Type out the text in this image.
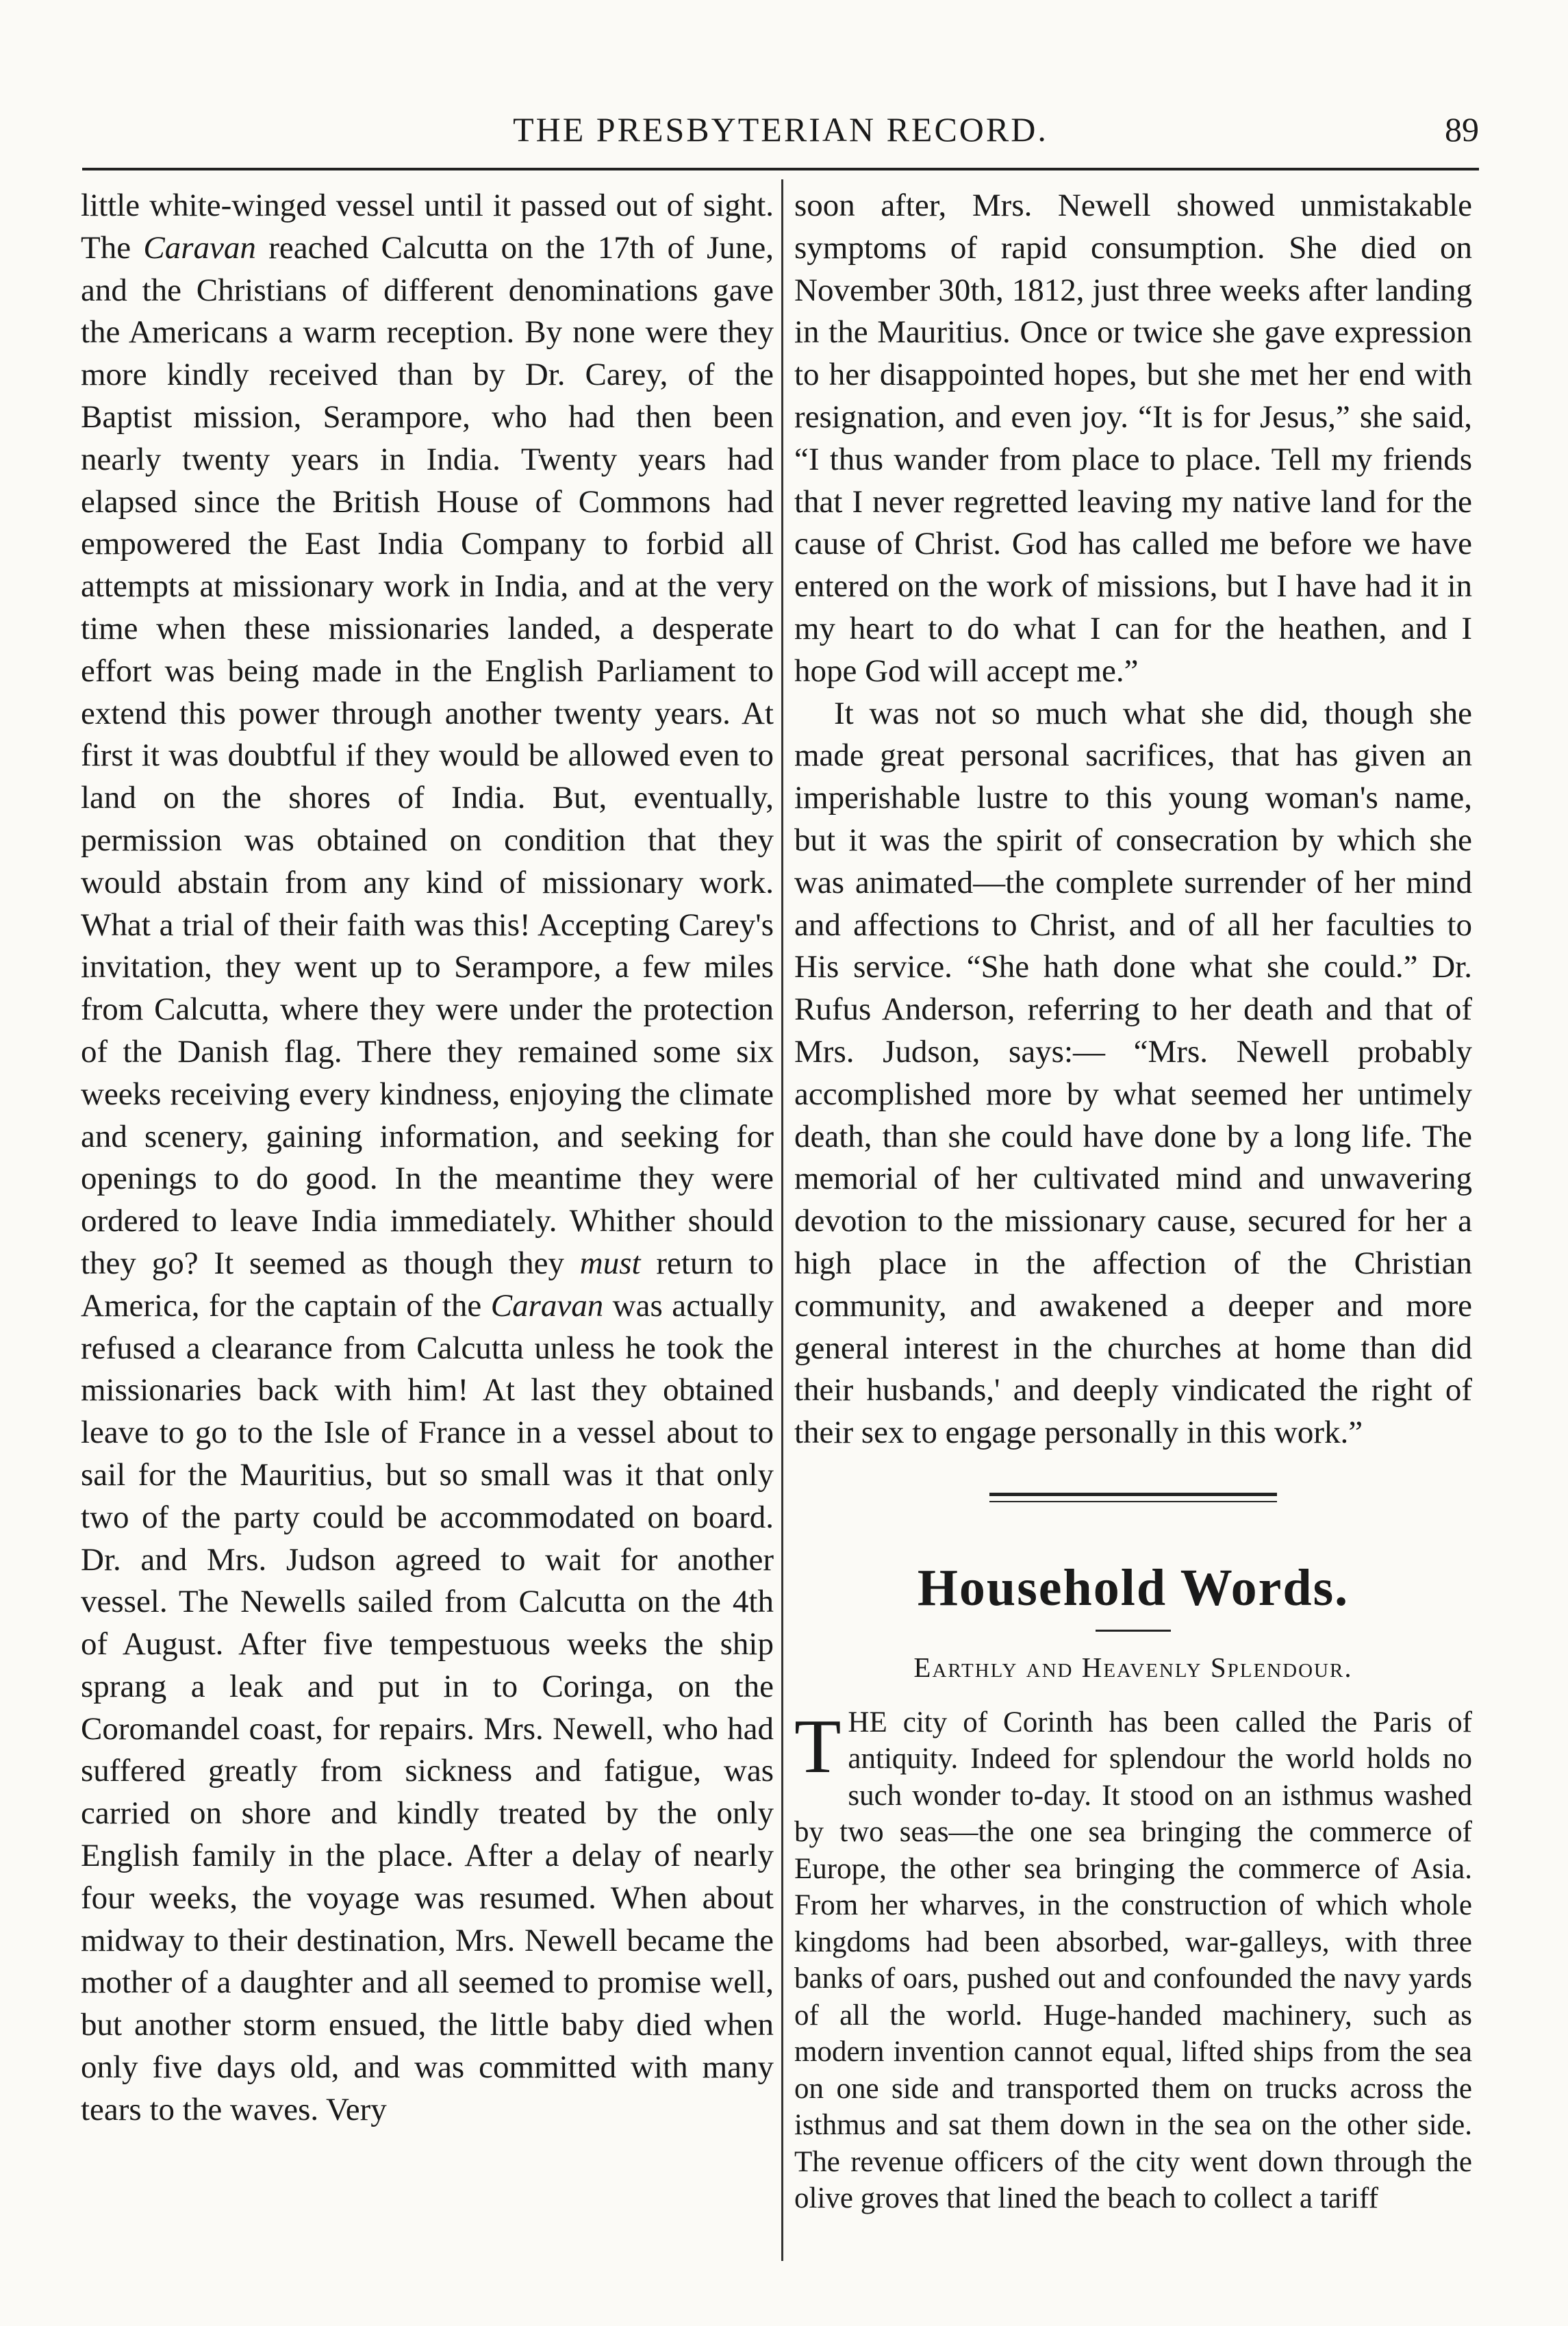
THE PRESBYTERIAN RECORD.	89

little white-winged vessel until it passed out of sight. The Caravan reached Calcutta on the 17th of June, and the Christians of different denominations gave the Americans a warm reception. By none were they more kindly received than by Dr. Carey, of the Baptist mission, Serampore, who had then been nearly twenty years in India. Twenty years had elapsed since the British House of Commons had empowered the East India Company to forbid all attempts at missionary work in India, and at the very time when these missionaries landed, a desperate effort was being made in the English Parliament to extend this power through another twenty years. At first it was doubtful if they would be allowed even to land on the shores of India. But, eventually, permission was obtained on condition that they would abstain from any kind of missionary work. What a trial of their faith was this! Accepting Carey's invitation, they went up to Serampore, a few miles from Calcutta, where they were under the protection of the Danish flag. There they remained some six weeks receiving every kindness, enjoying the climate and scenery, gaining information, and seeking for openings to do good. In the meantime they were ordered to leave India immediately. Whither should they go? It seemed as though they must return to America, for the captain of the Caravan was actually refused a clearance from Calcutta unless he took the missionaries back with him! At last they obtained leave to go to the Isle of France in a vessel about to sail for the Mauritius, but so small was it that only two of the party could be accommodated on board. Dr. and Mrs. Judson agreed to wait for another vessel. The Newells sailed from Calcutta on the 4th of August. After five tempestuous weeks the ship sprang a leak and put in to Coringa, on the Coromandel coast, for repairs. Mrs. Newell, who had suffered greatly from sickness and fatigue, was carried on shore and kindly treated by the only English family in the place. After a delay of nearly four weeks, the voyage was resumed. When about midway to their destination, Mrs. Newell became the mother of a daughter and all seemed to promise well, but another storm ensued, the little baby died when only five days old, and was committed with many tears to the waves. Very

soon after, Mrs. Newell showed unmistakable symptoms of rapid consumption. She died on November 30th, 1812, just three weeks after landing in the Mauritius. Once or twice she gave expression to her disappointed hopes, but she met her end with resignation, and even joy. “It is for Jesus,” she said, “I thus wander from place to place. Tell my friends that I never regretted leaving my native land for the cause of Christ. God has called me before we have entered on the work of missions, but I have had it in my heart to do what I can for the heathen, and I hope God will accept me.”

It was not so much what she did, though she made great personal sacrifices, that has given an imperishable lustre to this young woman's name, but it was the spirit of consecration by which she was animated—the complete surrender of her mind and affections to Christ, and of all her faculties to His service. “She hath done what she could.” Dr. Rufus Anderson, referring to her death and that of Mrs. Judson, says:— “Mrs. Newell probably accomplished more by what seemed her untimely death, than she could have done by a long life. The memorial of her cultivated mind and unwavering devotion to the missionary cause, secured for her a high place in the affection of the Christian community, and awakened a deeper and more general interest in the churches at home than did their husbands,' and deeply vindicated the right of their sex to engage personally in this work.”

Household Words.
Earthly and Heavenly Splendour.
THE city of Corinth has been called the Paris of antiquity. Indeed for splendour the world holds no such wonder to-day. It stood on an isthmus washed by two seas—the one sea bringing the commerce of Europe, the other sea bringing the commerce of Asia. From her wharves, in the construction of which whole kingdoms had been absorbed, war-galleys, with three banks of oars, pushed out and confounded the navy yards of all the world. Huge-handed machinery, such as modern invention cannot equal, lifted ships from the sea on one side and transported them on trucks across the isthmus and sat them down in the sea on the other side. The revenue officers of the city went down through the olive groves that lined the beach to collect a tariff
